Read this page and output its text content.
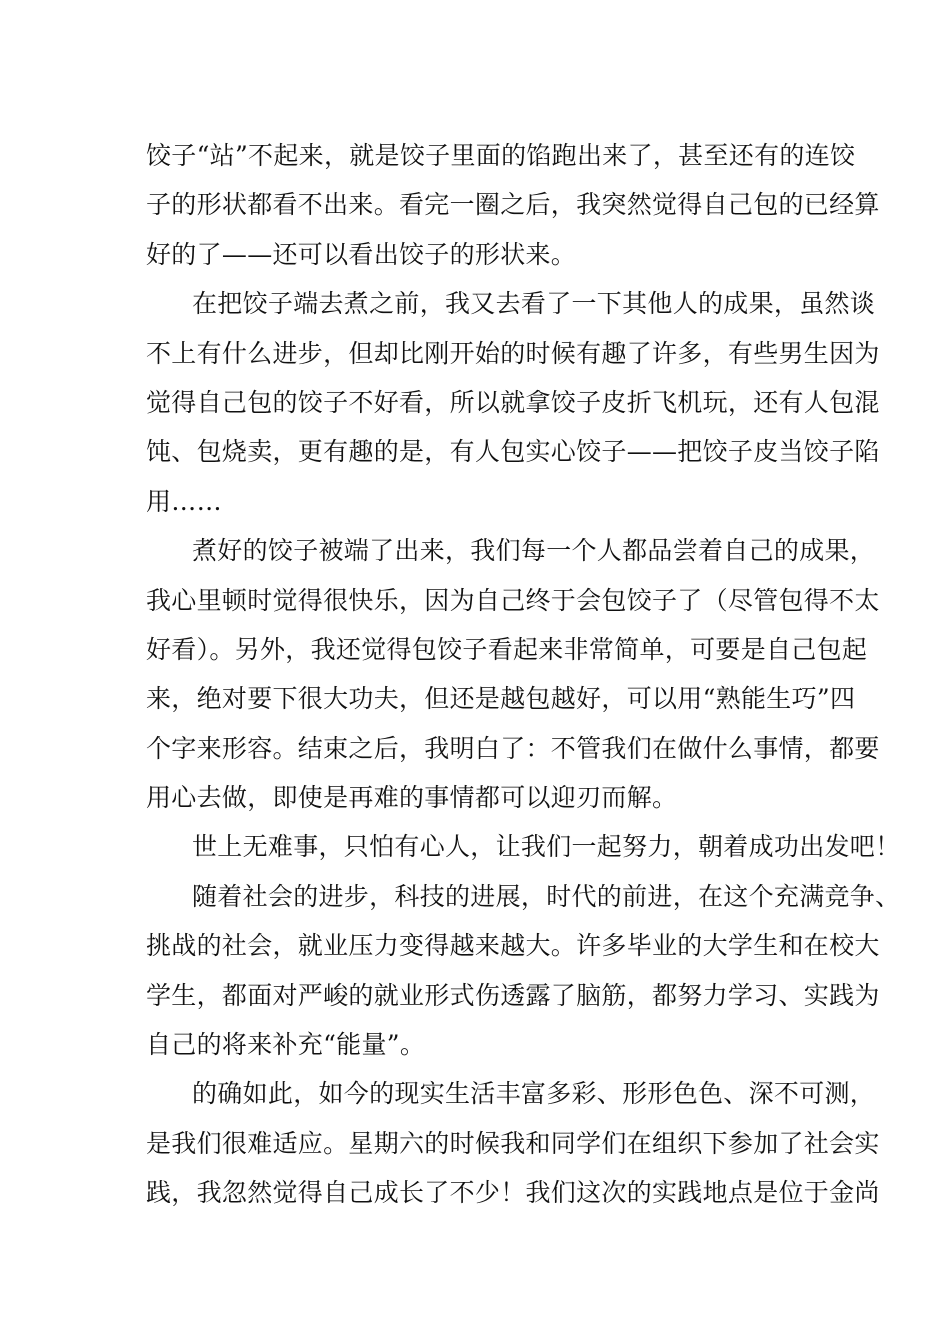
饺子“站”不起来，就是饺子里面的馅跑出来了，甚至还有的连饺
子的形状都看不出来。看完一圈之后，我突然觉得自己包的已经算
好的了——还可以看出饺子的形状来。
在把饺子端去煮之前，我又去看了一下其他人的成果，虽然谈
不上有什么进步，但却比刚开始的时候有趣了许多，有些男生因为
觉得自己包的饺子不好看，所以就拿饺子皮折飞机玩，还有人包混
饨、包烧卖，更有趣的是，有人包实心饺子——把饺子皮当饺子陷
用……
煮好的饺子被端了出来，我们每一个人都品尝着自己的成果，
我心里顿时觉得很快乐，因为自己终于会包饺子了（尽管包得不太
好看）。另外，我还觉得包饺子看起来非常简单，可要是自己包起
来，绝对要下很大功夫，但还是越包越好，可以用“熟能生巧”四
个字来形容。结束之后，我明白了：不管我们在做什么事情，都要
用心去做，即使是再难的事情都可以迎刃而解。
世上无难事，只怕有心人，让我们一起努力，朝着成功出发吧！
随着社会的进步，科技的进展，时代的前进，在这个充满竞争、
挑战的社会，就业压力变得越来越大。许多毕业的大学生和在校大
学生，都面对严峻的就业形式伤透露了脑筋，都努力学习、实践为
自己的将来补充“能量”。
的确如此，如今的现实生活丰富多彩、形形色色、深不可测，
是我们很难适应。星期六的时候我和同学们在组织下参加了社会实
践，我忽然觉得自己成长了不少！我们这次的实践地点是位于金尚
